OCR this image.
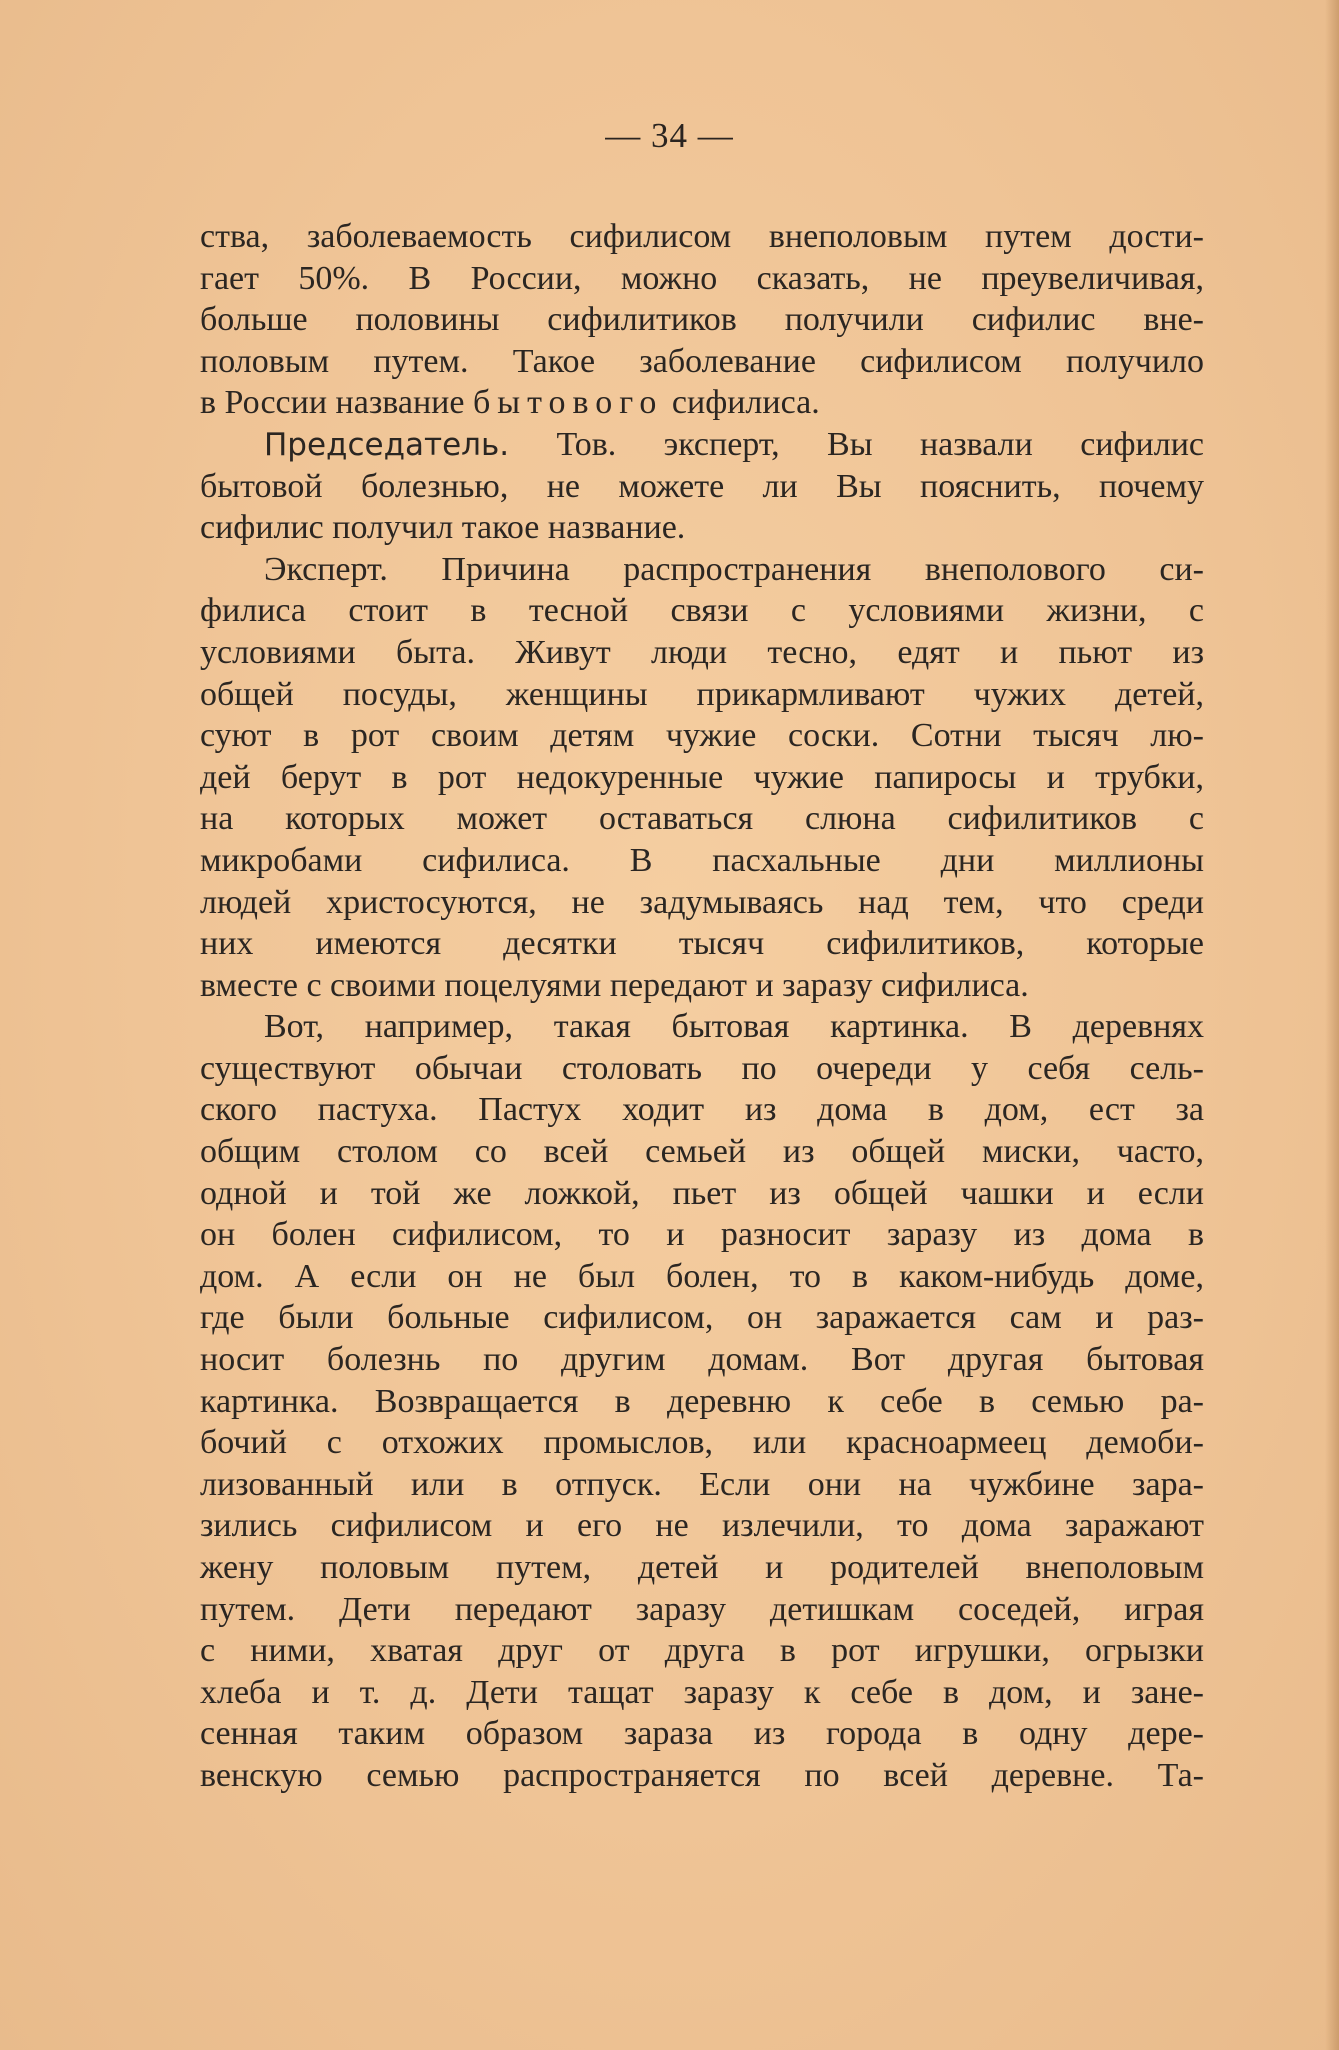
— 34 —
ства, заболеваемость сифилисом внеполовым путем дости-
гает 50%. В России, можно сказать, не преувеличивая,
больше половины сифилитиков получили сифилис вне-
половым путем. Такое заболевание сифилисом получило
в России название бытового сифилиса.
Председатель. Тов. эксперт, Вы назвали сифилис
бытовой болезнью, не можете ли Вы пояснить, почему
сифилис получил такое название.
Эксперт. Причина распространения внеполового си-
филиса стоит в тесной связи с условиями жизни, с
условиями быта. Живут люди тесно, едят и пьют из
общей посуды, женщины прикармливают чужих детей,
суют в рот своим детям чужие соски. Сотни тысяч лю-
дей берут в рот недокуренные чужие папиросы и трубки,
на которых может оставаться слюна сифилитиков с
микробами сифилиса. В пасхальные дни миллионы
людей христосуются, не задумываясь над тем, что среди
них имеются десятки тысяч сифилитиков, которые
вместе с своими поцелуями передают и заразу сифилиса.
Вот, например, такая бытовая картинка. В деревнях
существуют обычаи столовать по очереди у себя сель-
ского пастуха. Пастух ходит из дома в дом, ест за
общим столом со всей семьей из общей миски, часто,
одной и той же ложкой, пьет из общей чашки и если
он болен сифилисом, то и разносит заразу из дома в
дом. А если он не был болен, то в каком-нибудь доме,
где были больные сифилисом, он заражается сам и раз-
носит болезнь по другим домам. Вот другая бытовая
картинка. Возвращается в деревню к себе в семью ра-
бочий с отхожих промыслов, или красноармеец демоби-
лизованный или в отпуск. Если они на чужбине зара-
зились сифилисом и его не излечили, то дома заражают
жену половым путем, детей и родителей внеполовым
путем. Дети передают заразу детишкам соседей, играя
с ними, хватая друг от друга в рот игрушки, огрызки
хлеба и т. д. Дети тащат заразу к себе в дом, и зане-
сенная таким образом зараза из города в одну дере-
венскую семью распространяется по всей деревне. Та-
